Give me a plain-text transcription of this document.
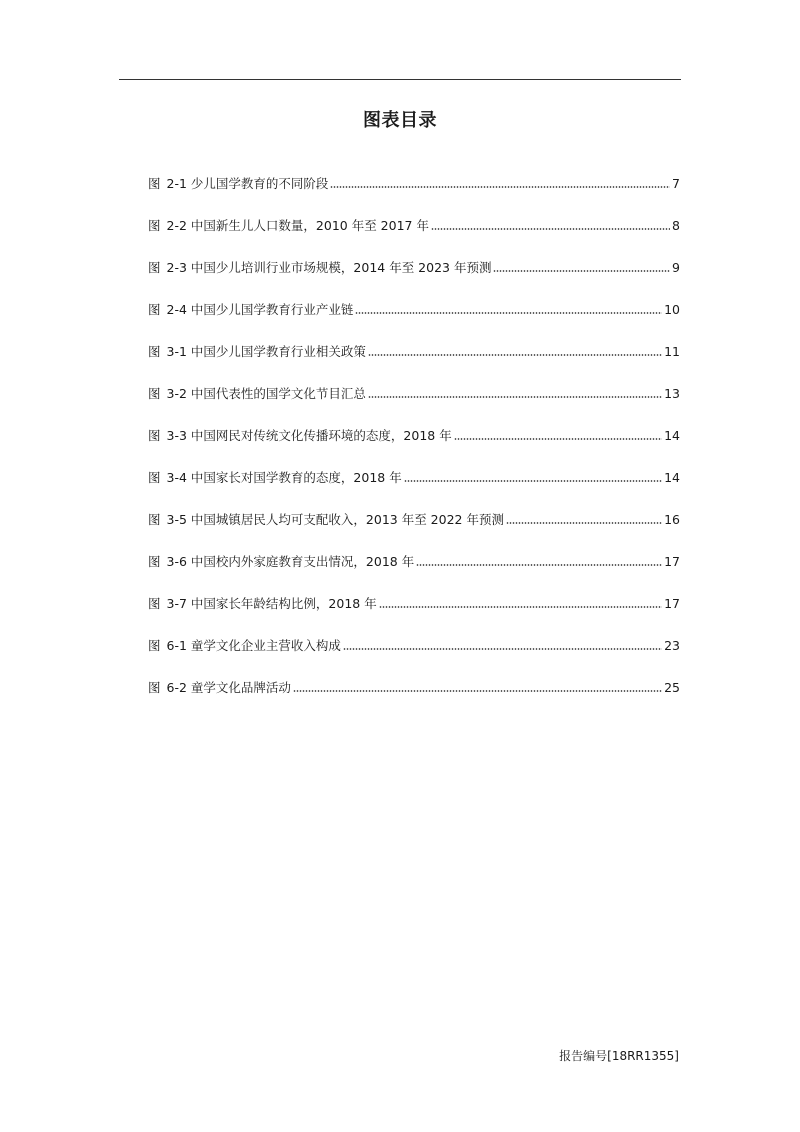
图表目录
图 2-1 少儿国学教育的不同阶段	7
图 2-2 中国新生儿人口数量，2010 年至 2017 年	8
图 2-3 中国少儿培训行业市场规模，2014 年至 2023 年预测	9
图 2-4 中国少儿国学教育行业产业链	10
图 3-1 中国少儿国学教育行业相关政策	11
图 3-2 中国代表性的国学文化节目汇总	13
图 3-3 中国网民对传统文化传播环境的态度，2018 年	14
图 3-4 中国家长对国学教育的态度，2018 年	14
图 3-5 中国城镇居民人均可支配收入，2013 年至 2022 年预测	16
图 3-6 中国校内外家庭教育支出情况，2018 年	17
图 3-7 中国家长年龄结构比例，2018 年	17
图 6-1 童学文化企业主营收入构成	23
图 6-2 童学文化品牌活动	25
报告编号[18RR1355]
